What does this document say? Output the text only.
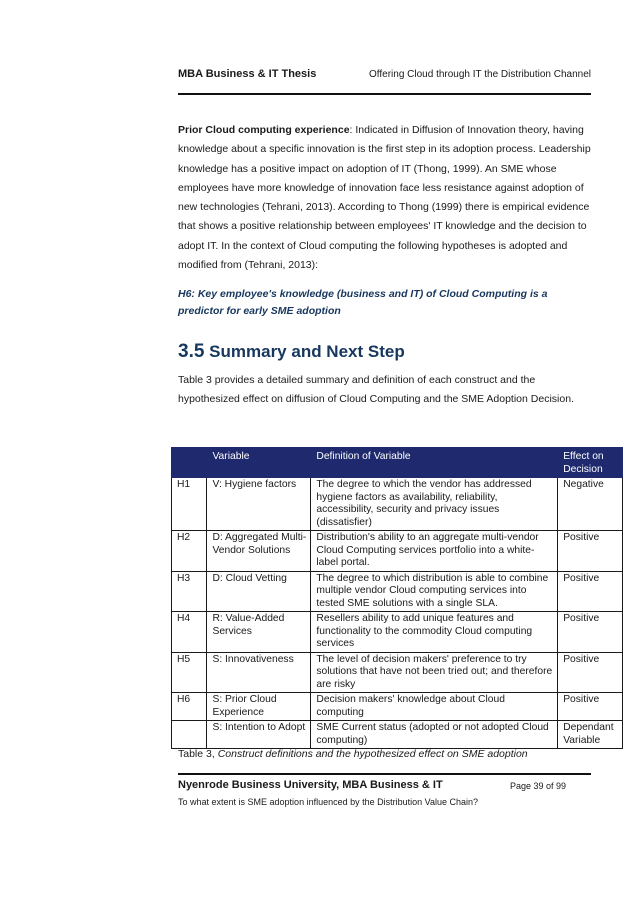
MBA Business & IT Thesis	Offering Cloud through IT the Distribution Channel
Prior Cloud computing experience: Indicated in Diffusion of Innovation theory, having knowledge about a specific innovation is the first step in its adoption process. Leadership knowledge has a positive impact on adoption of IT (Thong, 1999). An SME whose employees have more knowledge of innovation face less resistance against adoption of new technologies (Tehrani, 2013). According to Thong (1999) there is empirical evidence that shows a positive relationship between employees' IT knowledge and the decision to adopt IT. In the context of Cloud computing the following hypotheses is adopted and modified from (Tehrani, 2013):
H6: Key employee's knowledge (business and IT) of Cloud Computing is a predictor for early SME adoption
3.5 Summary and Next Step
Table 3 provides a detailed summary and definition of each construct and the hypothesized effect on diffusion of Cloud Computing and the SME Adoption Decision.
	Variable	Definition of Variable	Effect on Decision
H1	V: Hygiene factors	The degree to which the vendor has addressed hygiene factors as availability, reliability, accessibility, security and privacy issues (dissatisfier)	Negative
H2	D: Aggregated Multi-Vendor Solutions	Distribution's ability to an aggregate multi-vendor Cloud Computing services portfolio into a white-label portal.	Positive
H3	D: Cloud Vetting	The degree to which distribution is able to combine multiple vendor Cloud computing services into tested SME solutions with a single SLA.	Positive
H4	R: Value-Added Services	Resellers ability to add unique features and functionality to the commodity Cloud computing services	Positive
H5	S: Innovativeness	The level of decision makers' preference to try solutions that have not been tried out; and therefore are risky	Positive
H6	S: Prior Cloud Experience	Decision makers' knowledge about Cloud computing	Positive
	S: Intention to Adopt	SME Current status (adopted or not adopted Cloud computing)	Dependant Variable
Table 3, Construct definitions and the hypothesized effect on SME adoption
Nyenrode Business University, MBA Business & IT	Page 39 of 99
To what extent is SME adoption influenced by the Distribution Value Chain?
